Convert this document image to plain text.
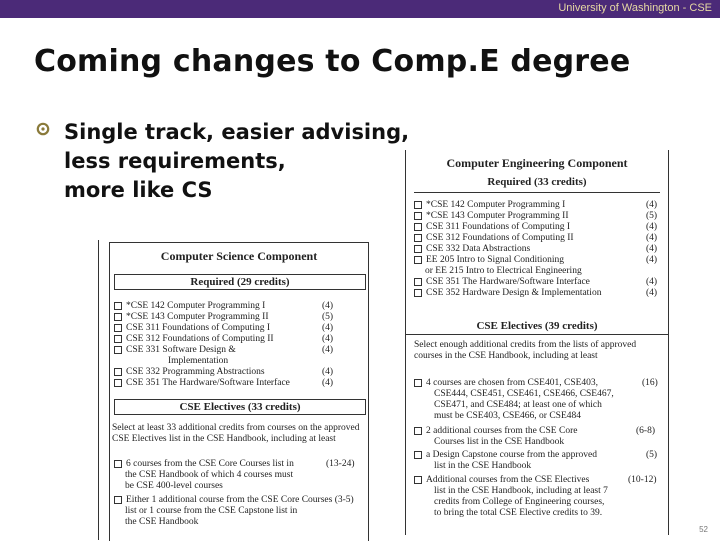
University of Washington - CSE
Coming changes to Comp.E degree
Single track, easier advising,
less requirements,
more like CS
Computer Science Component
Required (29 credits)
*CSE 142 Computer Programming I	(4)
*CSE 143 Computer Programming II	(5)
CSE 311 Foundations of Computing I	(4)
CSE 312 Foundations of Computing II	(4)
CSE 331 Software Design &	(4)
Implementation
CSE 332 Programming Abstractions	(4)
CSE 351 The Hardware/Software Interface	(4)
CSE Electives (33 credits)
Select at least 33 additional credits from courses on the approved
CSE Electives list in the CSE Handbook, including at least
6 courses from the CSE Core Courses list in	(13-24)
the CSE Handbook of which 4 courses must
be CSE 400-level courses
Either 1 additional course from the CSE Core Courses (3-5)
list or 1 course from the CSE Capstone list in
the CSE Handbook
Computer Engineering Component
Required (33 credits)
*CSE 142 Computer Programming I	(4)
*CSE 143 Computer Programming II	(5)
CSE 311 Foundations of Computing I	(4)
CSE 312 Foundations of Computing II	(4)
CSE 332 Data Abstractions	(4)
EE 205 Intro to Signal Conditioning	(4)
or EE 215 Intro to Electrical Engineering
CSE 351 The Hardware/Software Interface	(4)
CSE 352 Hardware Design & Implementation	(4)
CSE Electives (39 credits)
Select enough additional credits from the lists of approved
courses in the CSE Handbook, including at least
4 courses are chosen from CSE401, CSE403,	(16)
CSE444, CSE451, CSE461, CSE466, CSE467,
CSE471, and CSE484; at least one of which
must be CSE403, CSE466, or CSE484
2 additional courses from the CSE Core	(6-8)
Courses list in the CSE Handbook
a Design Capstone course from the approved	(5)
list in the CSE Handbook
Additional courses from the CSE Electives	(10-12)
list in the CSE Handbook, including at least 7
credits from College of Engineering courses,
to bring the total CSE Elective credits to 39.
52
